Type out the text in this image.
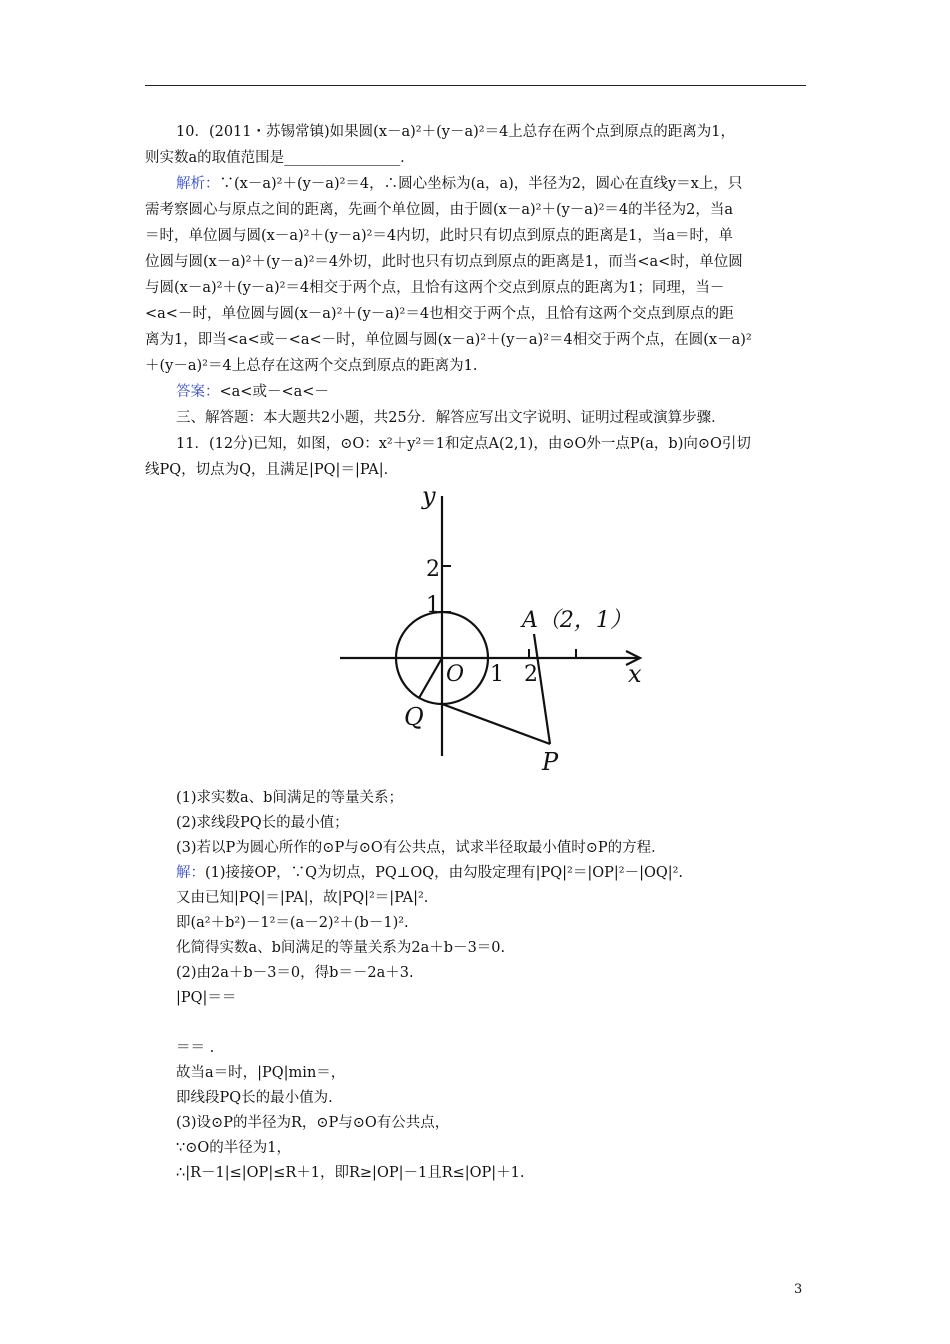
10．(2011・苏锡常镇)如果圆(x－a)²＋(y－a)²＝4上总存在两个点到原点的距离为1，
则实数a的取值范围是________________．
解析：∵(x－a)²＋(y－a)²＝4，∴圆心坐标为(a，a)，半径为2，圆心在直线y＝x上，只
需考察圆心与原点之间的距离，先画个单位圆，由于圆(x－a)²＋(y－a)²＝4的半径为2，当a
＝时，单位圆与圆(x－a)²＋(y－a)²＝4内切，此时只有切点到原点的距离是1，当a＝时，单
位圆与圆(x－a)²＋(y－a)²＝4外切，此时也只有切点到原点的距离是1，而当<a<时，单位圆
与圆(x－a)²＋(y－a)²＝4相交于两个点，且恰有这两个交点到原点的距离为1；同理，当－
<a<－时，单位圆与圆(x－a)²＋(y－a)²＝4也相交于两个点，且恰有这两个交点到原点的距
离为1，即当<a<或－<a<－时，单位圆与圆(x－a)²＋(y－a)²＝4相交于两个点，在圆(x－a)²
＋(y－a)²＝4上总存在这两个交点到原点的距离为1.
答案：<a<或－<a<－
三、解答题：本大题共2小题，共25分．解答应写出文字说明、证明过程或演算步骤．
11．(12分)已知，如图，⊙O：x²＋y²＝1和定点A(2,1)，由⊙O外一点P(a，b)向⊙O引切
线PQ，切点为Q，且满足|PQ|＝|PA|．
y
x
2
1
O 1 2
A（2，1）
Q
P
(1)求实数a、b间满足的等量关系；
(2)求线段PQ长的最小值；
(3)若以P为圆心所作的⊙P与⊙O有公共点，试求半径取最小值时⊙P的方程．
解：(1)接接OP，∵Q为切点，PQ⊥OQ，由勾股定理有|PQ|²＝|OP|²－|OQ|².
又由已知|PQ|＝|PA|，故|PQ|²＝|PA|².
即(a²＋b²)－1²＝(a－2)²＋(b－1)².
化简得实数a、b间满足的等量关系为2a＋b－3＝0.
(2)由2a＋b－3＝0，得b＝－2a＋3.
|PQ|＝＝
＝＝ .
故当a＝时，|PQ|min＝，
即线段PQ长的最小值为.
(3)设⊙P的半径为R，⊙P与⊙O有公共点，
∵⊙O的半径为1，
∴|R－1|≤|OP|≤R＋1，即R≥|OP|－1且R≤|OP|＋1.
3
